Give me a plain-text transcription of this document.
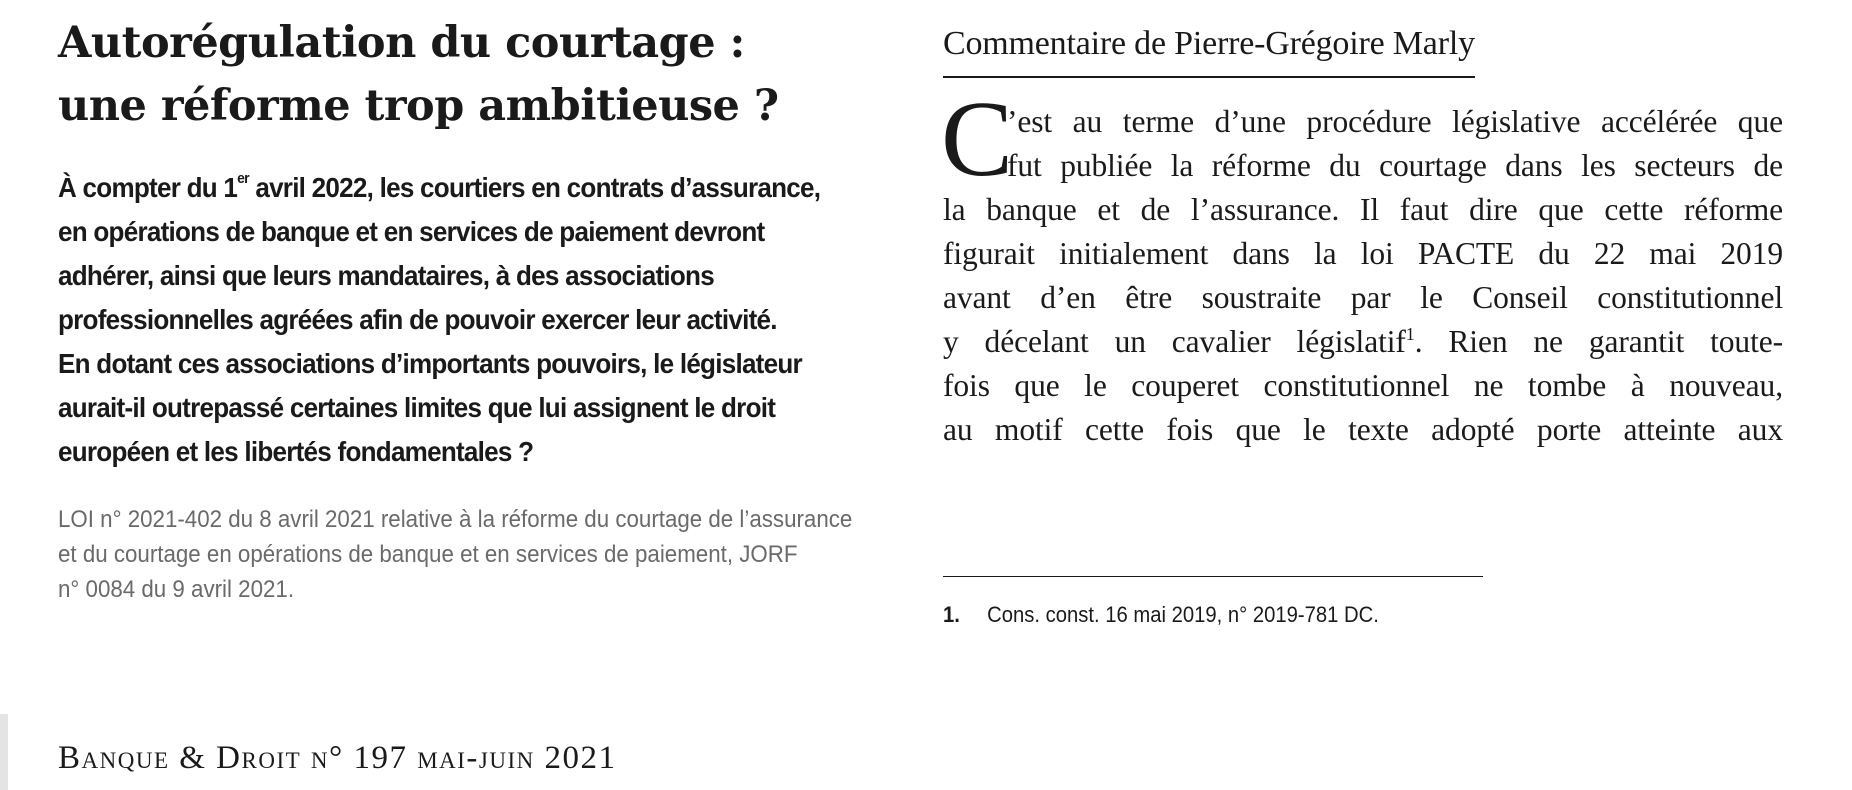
Autorégulation du courtage :
une réforme trop ambitieuse ?
À compter du 1er avril 2022, les courtiers en contrats d’assurance,
en opérations de banque et en services de paiement devront
adhérer, ainsi que leurs mandataires, à des associations
professionnelles agréées afin de pouvoir exercer leur activité.
En dotant ces associations d’importants pouvoirs, le législateur
aurait-il outrepassé certaines limites que lui assignent le droit
européen et les libertés fondamentales ?
LOI n° 2021-402 du 8 avril 2021 relative à la réforme du courtage de l’assurance
et du courtage en opérations de banque et en services de paiement, JORF
n° 0084 du 9 avril 2021.
Commentaire de Pierre-Grégoire Marly
C
’est au terme d’une procédure législative accélérée que
fut publiée la réforme du courtage dans les secteurs de
la banque et de l’assurance. Il faut dire que cette réforme
figurait initialement dans la loi PACTE du 22 mai 2019
avant d’en être soustraite par le Conseil constitutionnel
y décelant un cavalier législatif$^1$. Rien ne garantit toute-
fois que le couperet constitutionnel ne tombe à nouveau,
au motif cette fois que le texte adopté porte atteinte aux
1. Cons. const. 16 mai 2019, n° 2019-781 DC.
Banque & Droit n° 197 mai-juin 2021
